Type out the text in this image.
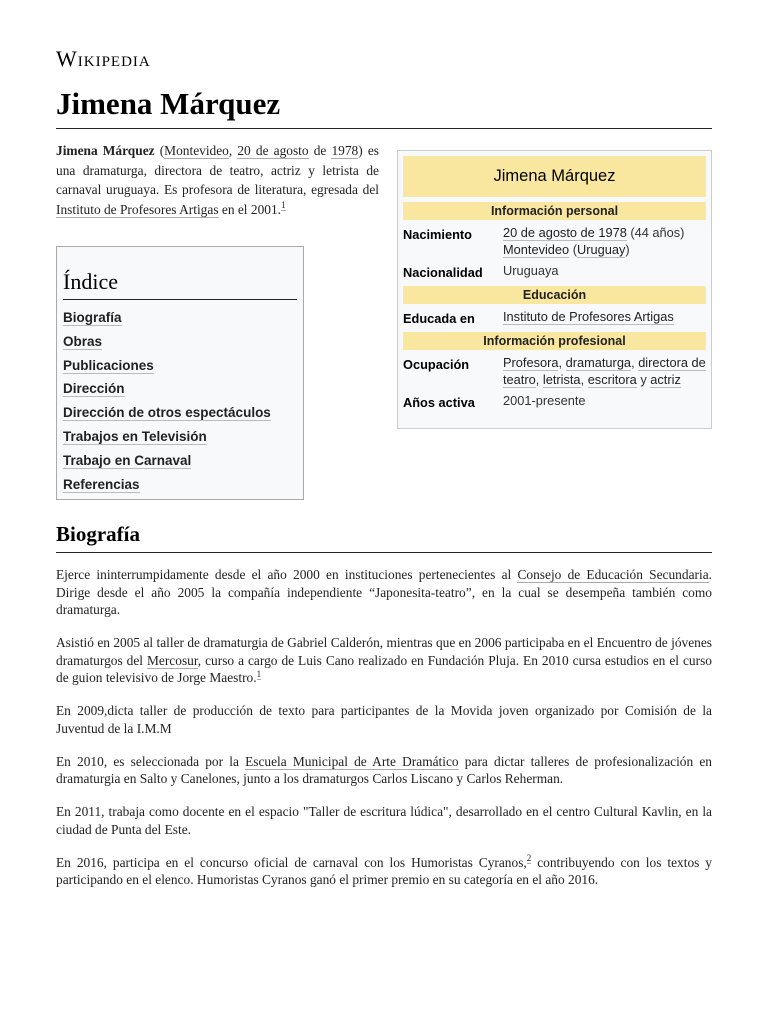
Wikipedia
Jimena Márquez

Jimena Márquez (Montevideo, 20 de agosto de 1978) es una dramaturga, directora de teatro, actriz y letrista de carnaval uruguaya. Es profesora de literatura, egresada del Instituto de Profesores Artigas en el 2001.$^1$

Índice
Biografía
Obras
Publicaciones
Dirección
Dirección de otros espectáculos
Trabajos en Televisión
Trabajo en Carnaval
Referencias
Jimena Márquez
Información personal
Nacimiento	20 de agosto de 1978 (44 años)
Montevideo (Uruguay)
Nacionalidad	Uruguaya
Educación
Educada en	Instituto de Profesores Artigas
Información profesional
Ocupación	Profesora, dramaturga, directora de teatro, letrista, escritora y actriz
Años activa	2001-presente
Biografía

Ejerce ininterrumpidamente desde el año 2000 en instituciones pertenecientes al Consejo de Educación Secundaria. Dirige desde el año 2005 la compañía independiente “Japonesita-teatro”, en la cual se desempeña también como dramaturga.

Asistió en 2005 al taller de dramaturgia de Gabriel Calderón, mientras que en 2006 participaba en el Encuentro de jóvenes dramaturgos del Mercosur, curso a cargo de Luis Cano realizado en Fundación Pluja. En 2010 cursa estudios en el curso de guion televisivo de Jorge Maestro.$^1$

En 2009,dicta taller de producción de texto para participantes de la Movida joven organizado por Comisión de la Juventud de la I.M.M

En 2010, es seleccionada por la Escuela Municipal de Arte Dramático para dictar talleres de profesionalización en dramaturgia en Salto y Canelones, junto a los dramaturgos Carlos Liscano y Carlos Reherman.

En 2011, trabaja como docente en el espacio "Taller de escritura lúdica", desarrollado en el centro Cultural Kavlin, en la ciudad de Punta del Este.

En 2016, participa en el concurso oficial de carnaval con los Humoristas Cyranos,$^2$ contribuyendo con los textos y participando en el elenco. Humoristas Cyranos ganó el primer premio en su categoría en el año 2016.
